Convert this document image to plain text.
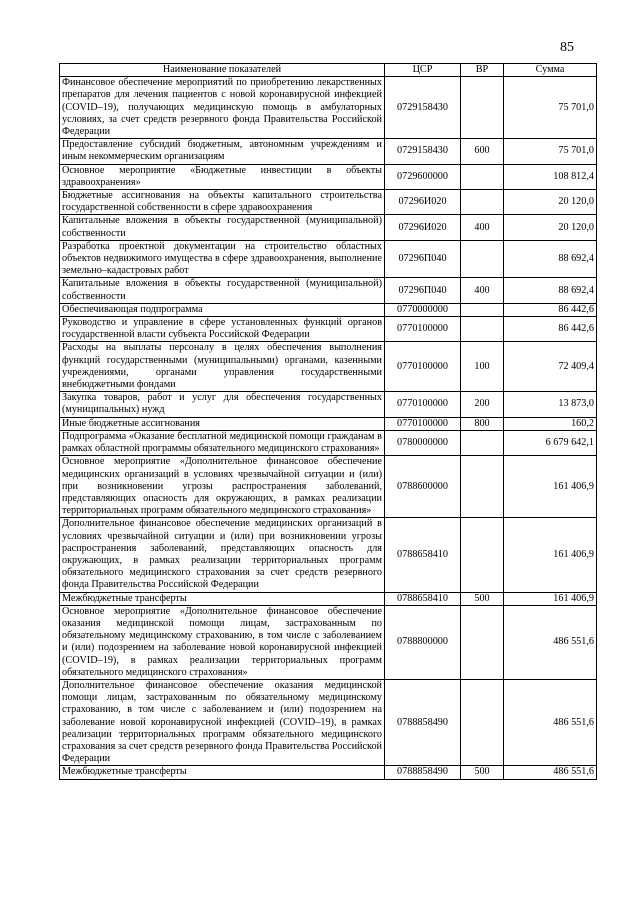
85
Наименование показателей	ЦСР	ВР	Сумма
Финансовое обеспечение мероприятий по приобретению лекарственных препаратов для лечения пациентов с новой коронавирусной инфекцией (COVID–19), получающих медицинскую помощь в амбулаторных условиях, за счет средств резервного фонда Правительства Российской Федерации	0729158430		75 701,0
Предоставление субсидий бюджетным, автономным учреждениям и иным некоммерческим организациям	0729158430	600	75 701,0
Основное мероприятие «Бюджетные инвестиции в объекты здравоохранения»	0729600000		108 812,4
Бюджетные ассигнования на объекты капитального строительства государственной собственности в сфере здравоохранения	07296И020		20 120,0
Капитальные вложения в объекты государственной (муниципальной) собственности	07296И020	400	20 120,0
Разработка проектной документации на строительство областных объектов недвижимого имущества в сфере здравоохранения, выполнение земельно–кадастровых работ	07296П040		88 692,4
Капитальные вложения в объекты государственной (муниципальной) собственности	07296П040	400	88 692,4
Обеспечивающая подпрограмма	0770000000		86 442,6
Руководство и управление в сфере установленных функций органов государственной власти субъекта Российской Федерации	0770100000		86 442,6
Расходы на выплаты персоналу в целях обеспечения выполнения функций государственными (муниципальными) органами, казенными учреждениями, органами управления государственными внебюджетными фондами	0770100000	100	72 409,4
Закупка товаров, работ и услуг для обеспечения государственных (муниципальных) нужд	0770100000	200	13 873,0
Иные бюджетные ассигнования	0770100000	800	160,2
Подпрограмма «Оказание бесплатной медицинской помощи гражданам в рамках областной программы обязательного медицинского страхования»	0780000000		6 679 642,1
Основное мероприятие «Дополнительное финансовое обеспечение медицинских организаций в условиях чрезвычайной ситуации и (или) при возникновении угрозы распространения заболеваний, представляющих опасность для окружающих, в рамках реализации территориальных программ обязательного медицинского страхования»	0788600000		161 406,9
Дополнительное финансовое обеспечение медицинских организаций в условиях чрезвычайной ситуации и (или) при возникновении угрозы распространения заболеваний, представляющих опасность для окружающих, в рамках реализации территориальных программ обязательного медицинского страхования за счет средств резервного фонда Правительства Российской Федерации	0788658410		161 406,9
Межбюджетные трансферты	0788658410	500	161 406,9
Основное мероприятие «Дополнительное финансовое обеспечение оказания медицинской помощи лицам, застрахованным по обязательному медицинскому страхованию, в том числе с заболеванием и (или) подозрением на заболевание новой коронавирусной инфекцией (COVID–19), в рамках реализации территориальных программ обязательного медицинского страхования»	0788800000		486 551,6
Дополнительное финансовое обеспечение оказания медицинской помощи лицам, застрахованным по обязательному медицинскому страхованию, в том числе с заболеванием и (или) подозрением на заболевание новой коронавирусной инфекцией (COVID–19), в рамках реализации территориальных программ обязательного медицинского страхования за счет средств резервного фонда Правительства Российской Федерации	0788858490		486 551,6
Межбюджетные трансферты	0788858490	500	486 551,6
